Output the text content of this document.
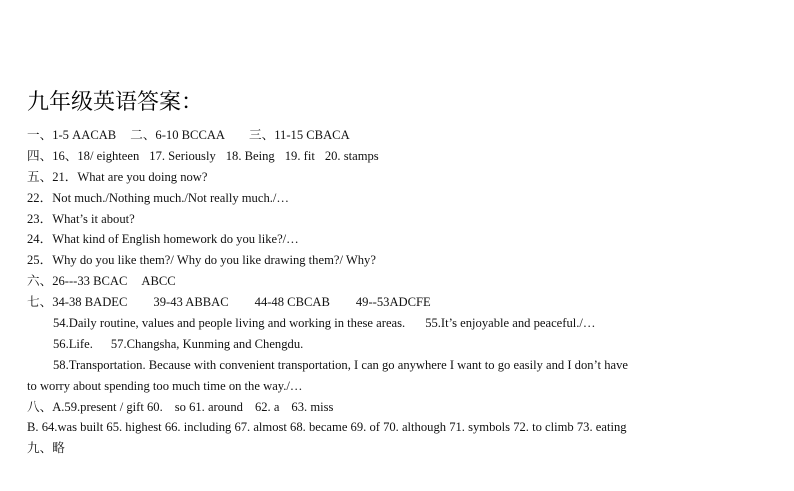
九年级英语答案：
一、1-5 AACAB 二、6-10 BCCAA 三、11-15 CBACA
四、16、18/ eighteen 17. Seriously 18. Being 19. fit 20. stamps
五、21．What are you doing now?
22．Not much./Nothing much./Not really much./…
23．What’s it about?
24．What kind of English homework do you like?/…
25．Why do you like them?/ Why do you like drawing them?/ Why?
六、26---33 BCAC ABCC
七、34-38 BADEC 39-43 ABBAC 44-48 CBCAB 49--53ADCFE
54.Daily routine, values and people living and working in these areas. 55.It’s enjoyable and peaceful./…
56.Life. 57.Changsha, Kunming and Chengdu.
58.Transportation. Because with convenient transportation, I can go anywhere I want to go easily and I don’t have
to worry about spending too much time on the way./…
八、A.59.present / gift 60. so 61. around 62. a 63. miss
B. 64.was built 65. highest 66. including 67. almost 68. became 69. of 70. although 71. symbols 72. to climb 73. eating
九、略
